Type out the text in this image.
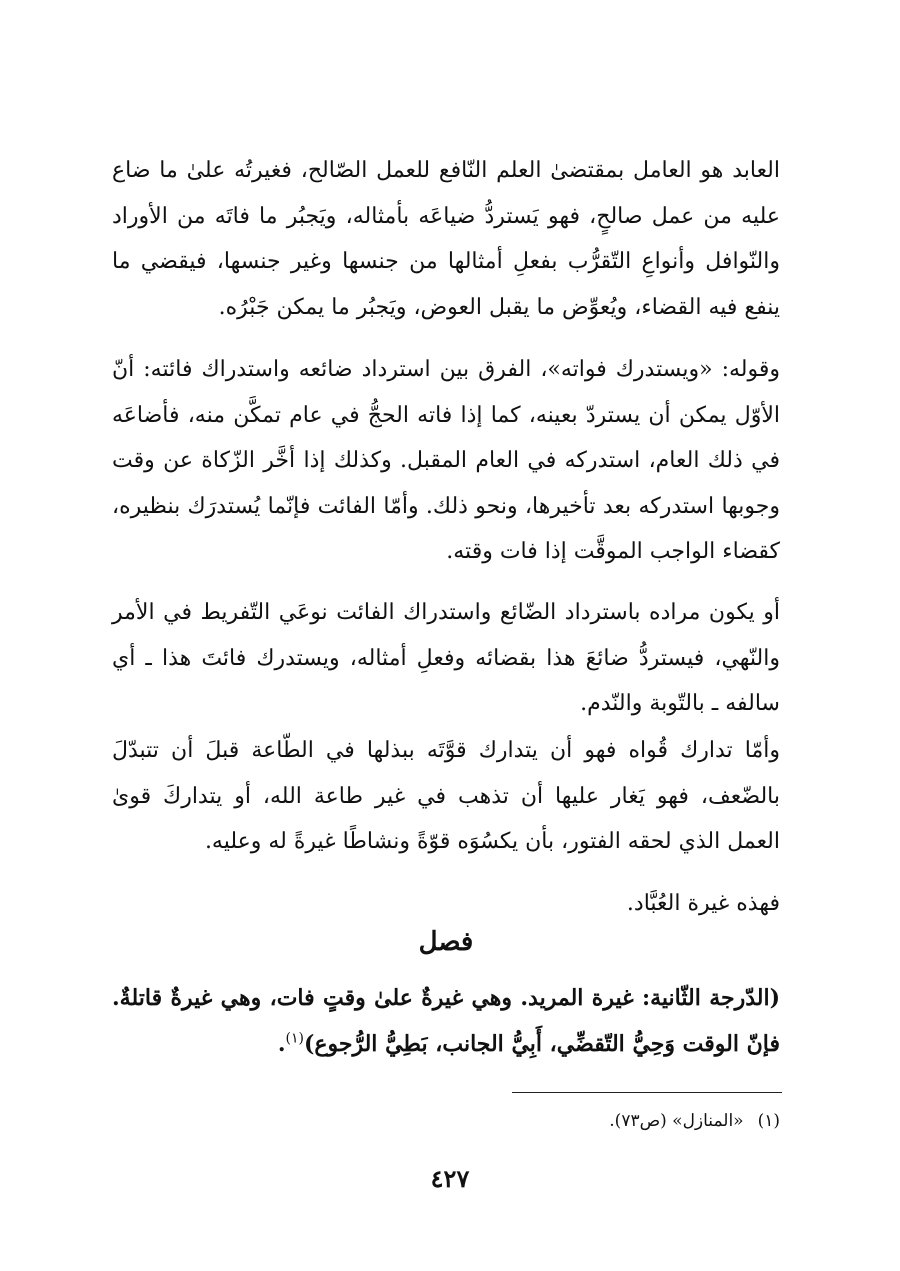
العابد هو العامل بمقتضىٰ العلم النّافع للعمل الصّالح، فغيرتُه علىٰ ما ضاع عليه من عمل صالحٍ، فهو يَستردُّ ضياعَه بأمثاله، ويَجبُر ما فاتَه من الأوراد والنّوافل وأنواعِ التّقرُّب بفعلِ أمثالها من جنسها وغير جنسها، فيقضي ما ينفع فيه القضاء، ويُعوِّض ما يقبل العوض، ويَجبُر ما يمكن جَبْرُه.

وقوله: «ويستدرك فواته»، الفرق بين استرداد ضائعه واستدراك فائته: أنّ الأوّل يمكن أن يستردّ بعينه، كما إذا فاته الحجُّ في عام تمكَّن منه، فأضاعَه في ذلك العام، استدركه في العام المقبل. وكذلك إذا أخَّر الزّكاة عن وقت وجوبها استدركه بعد تأخيرها، ونحو ذلك. وأمّا الفائت فإنّما يُستدرَك بنظيره، كقضاء الواجب الموقَّت إذا فات وقته.

أو يكون مراده باسترداد الضّائع واستدراك الفائت نوعَي التّفريط في الأمر والنّهي، فيستردُّ ضائعَ هذا بقضائه وفعلِ أمثاله، ويستدرك فائتَ هذا ـ أي سالفه ـ بالتّوبة والنّدم.

وأمّا تدارك قُواه فهو أن يتدارك قوَّتَه ببذلها في الطّاعة قبلَ أن تتبدّلَ بالضّعف، فهو يَغار عليها أن تذهب في غير طاعة الله، أو يتداركَ قوىٰ العمل الذي لحقه الفتور، بأن يكسُوَه قوّةً ونشاطًا غيرةً له وعليه.

فهذه غيرة العُبَّاد.

فصل

(الدّرجة الثّانية: غيرة المريد. وهي غيرةٌ علىٰ وقتٍ فات، وهي غيرةٌ قاتلةٌ. فإنّ الوقت وَحِيُّ التّقضِّي، أَبِيُّ الجانب، بَطِيُّ الرُّجوع)$^{(١)}$.

(١)«المنازل» (ص٧٣).
٤٢٧
